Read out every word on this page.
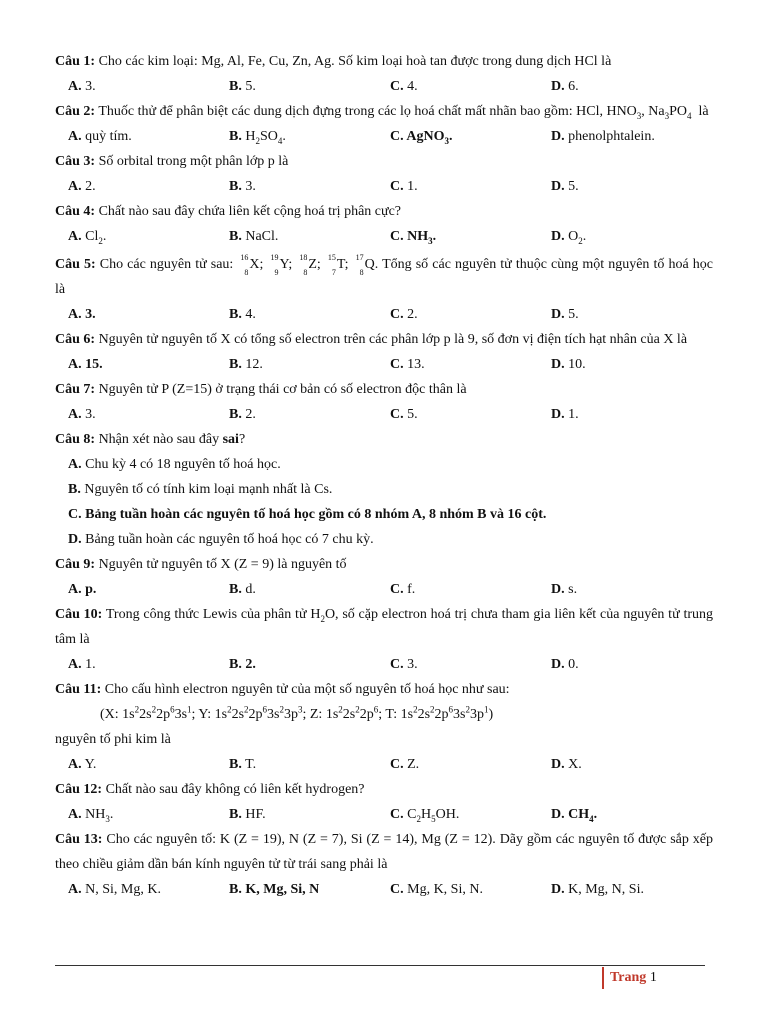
Câu 1: Cho các kim loại: Mg, Al, Fe, Cu, Zn, Ag. Số kim loại hoà tan được trong dung dịch HCl là
A. 3.	B. 5.	C. 4.	D. 6.
Câu 2: Thuốc thử để phân biệt các dung dịch đựng trong các lọ hoá chất mất nhãn bao gồm: HCl, $HNO_3$, $Na_3PO_4$  là
A. quỳ tím.	B. $H_2SO_4$.	C. AgNO$_3$.	D. phenolphtalein.
Câu 3: Số orbital trong một phân lớp p là
A. 2.	B. 3.	C. 1.	D. 5.
Câu 4: Chất nào sau đây chứa liên kết cộng hoá trị phân cực?
A. $Cl_2$.	B. NaCl.	C. $NH_3$.	D. $O_2$.
Câu 5: Cho các nguyên tử sau: 16
8
X; 19
9
Y; 18
8
Z; 15
7
T; 17
8
Q. Tổng số các nguyên tử thuộc cùng một nguyên tố hoá học là
A. 3.	B. 4.	C. 2.	D. 5.
Câu 6: Nguyên tử nguyên tố X có tổng số electron trên các phân lớp p là 9, số đơn vị điện tích hạt nhân của X là
A. 15.	B. 12.	C. 13.	D. 10.
Câu 7: Nguyên tử P (Z=15) ở trạng thái cơ bản có số electron độc thân là
A. 3.	B. 2.	C. 5.	D. 1.
Câu 8: Nhận xét nào sau đây sai?
A. Chu kỳ 4 có 18 nguyên tố hoá học.
B. Nguyên tố có tính kim loại mạnh nhất là Cs.
C. Bảng tuần hoàn các nguyên tố hoá học gồm có 8 nhóm A, 8 nhóm B và 16 cột.
D. Bảng tuần hoàn các nguyên tố hoá học có 7 chu kỳ.
Câu 9: Nguyên tử nguyên tố X (Z = 9) là nguyên tố
A. p.	B. d.	C. f.	D. s.
Câu 10: Trong công thức Lewis của phân tử $H_2O$, số cặp electron hoá trị chưa tham gia liên kết của nguyên tử trung tâm là
A. 1.	B. 2.	C. 3.	D. 0.
Câu 11: Cho cấu hình electron nguyên tử của một số nguyên tố hoá học như sau:
(X: $1s^22s^22p^63s^1$; Y: $1s^22s^22p^63s^23p^3$; Z: $1s^22s^22p^6$; T: $1s^22s^22p^63s^23p^1$)
nguyên tố phi kim là
A. Y.	B. T.	C. Z.	D. X.
Câu 12: Chất nào sau đây không có liên kết hydrogen?
A. $NH_3$.	B. HF.	C. $C_2H_5OH$.	D. $CH_4$.
Câu 13: Cho các nguyên tố: K (Z = 19), N (Z = 7), Si (Z = 14), Mg (Z = 12). Dãy gồm các nguyên tố được sắp xếp theo chiều giảm dần bán kính nguyên tử từ trái sang phải là
A. N, Si, Mg, K.	B. K, Mg, Si, N	C. Mg, K, Si, N.	D. K, Mg, N, Si.
Trang 1
